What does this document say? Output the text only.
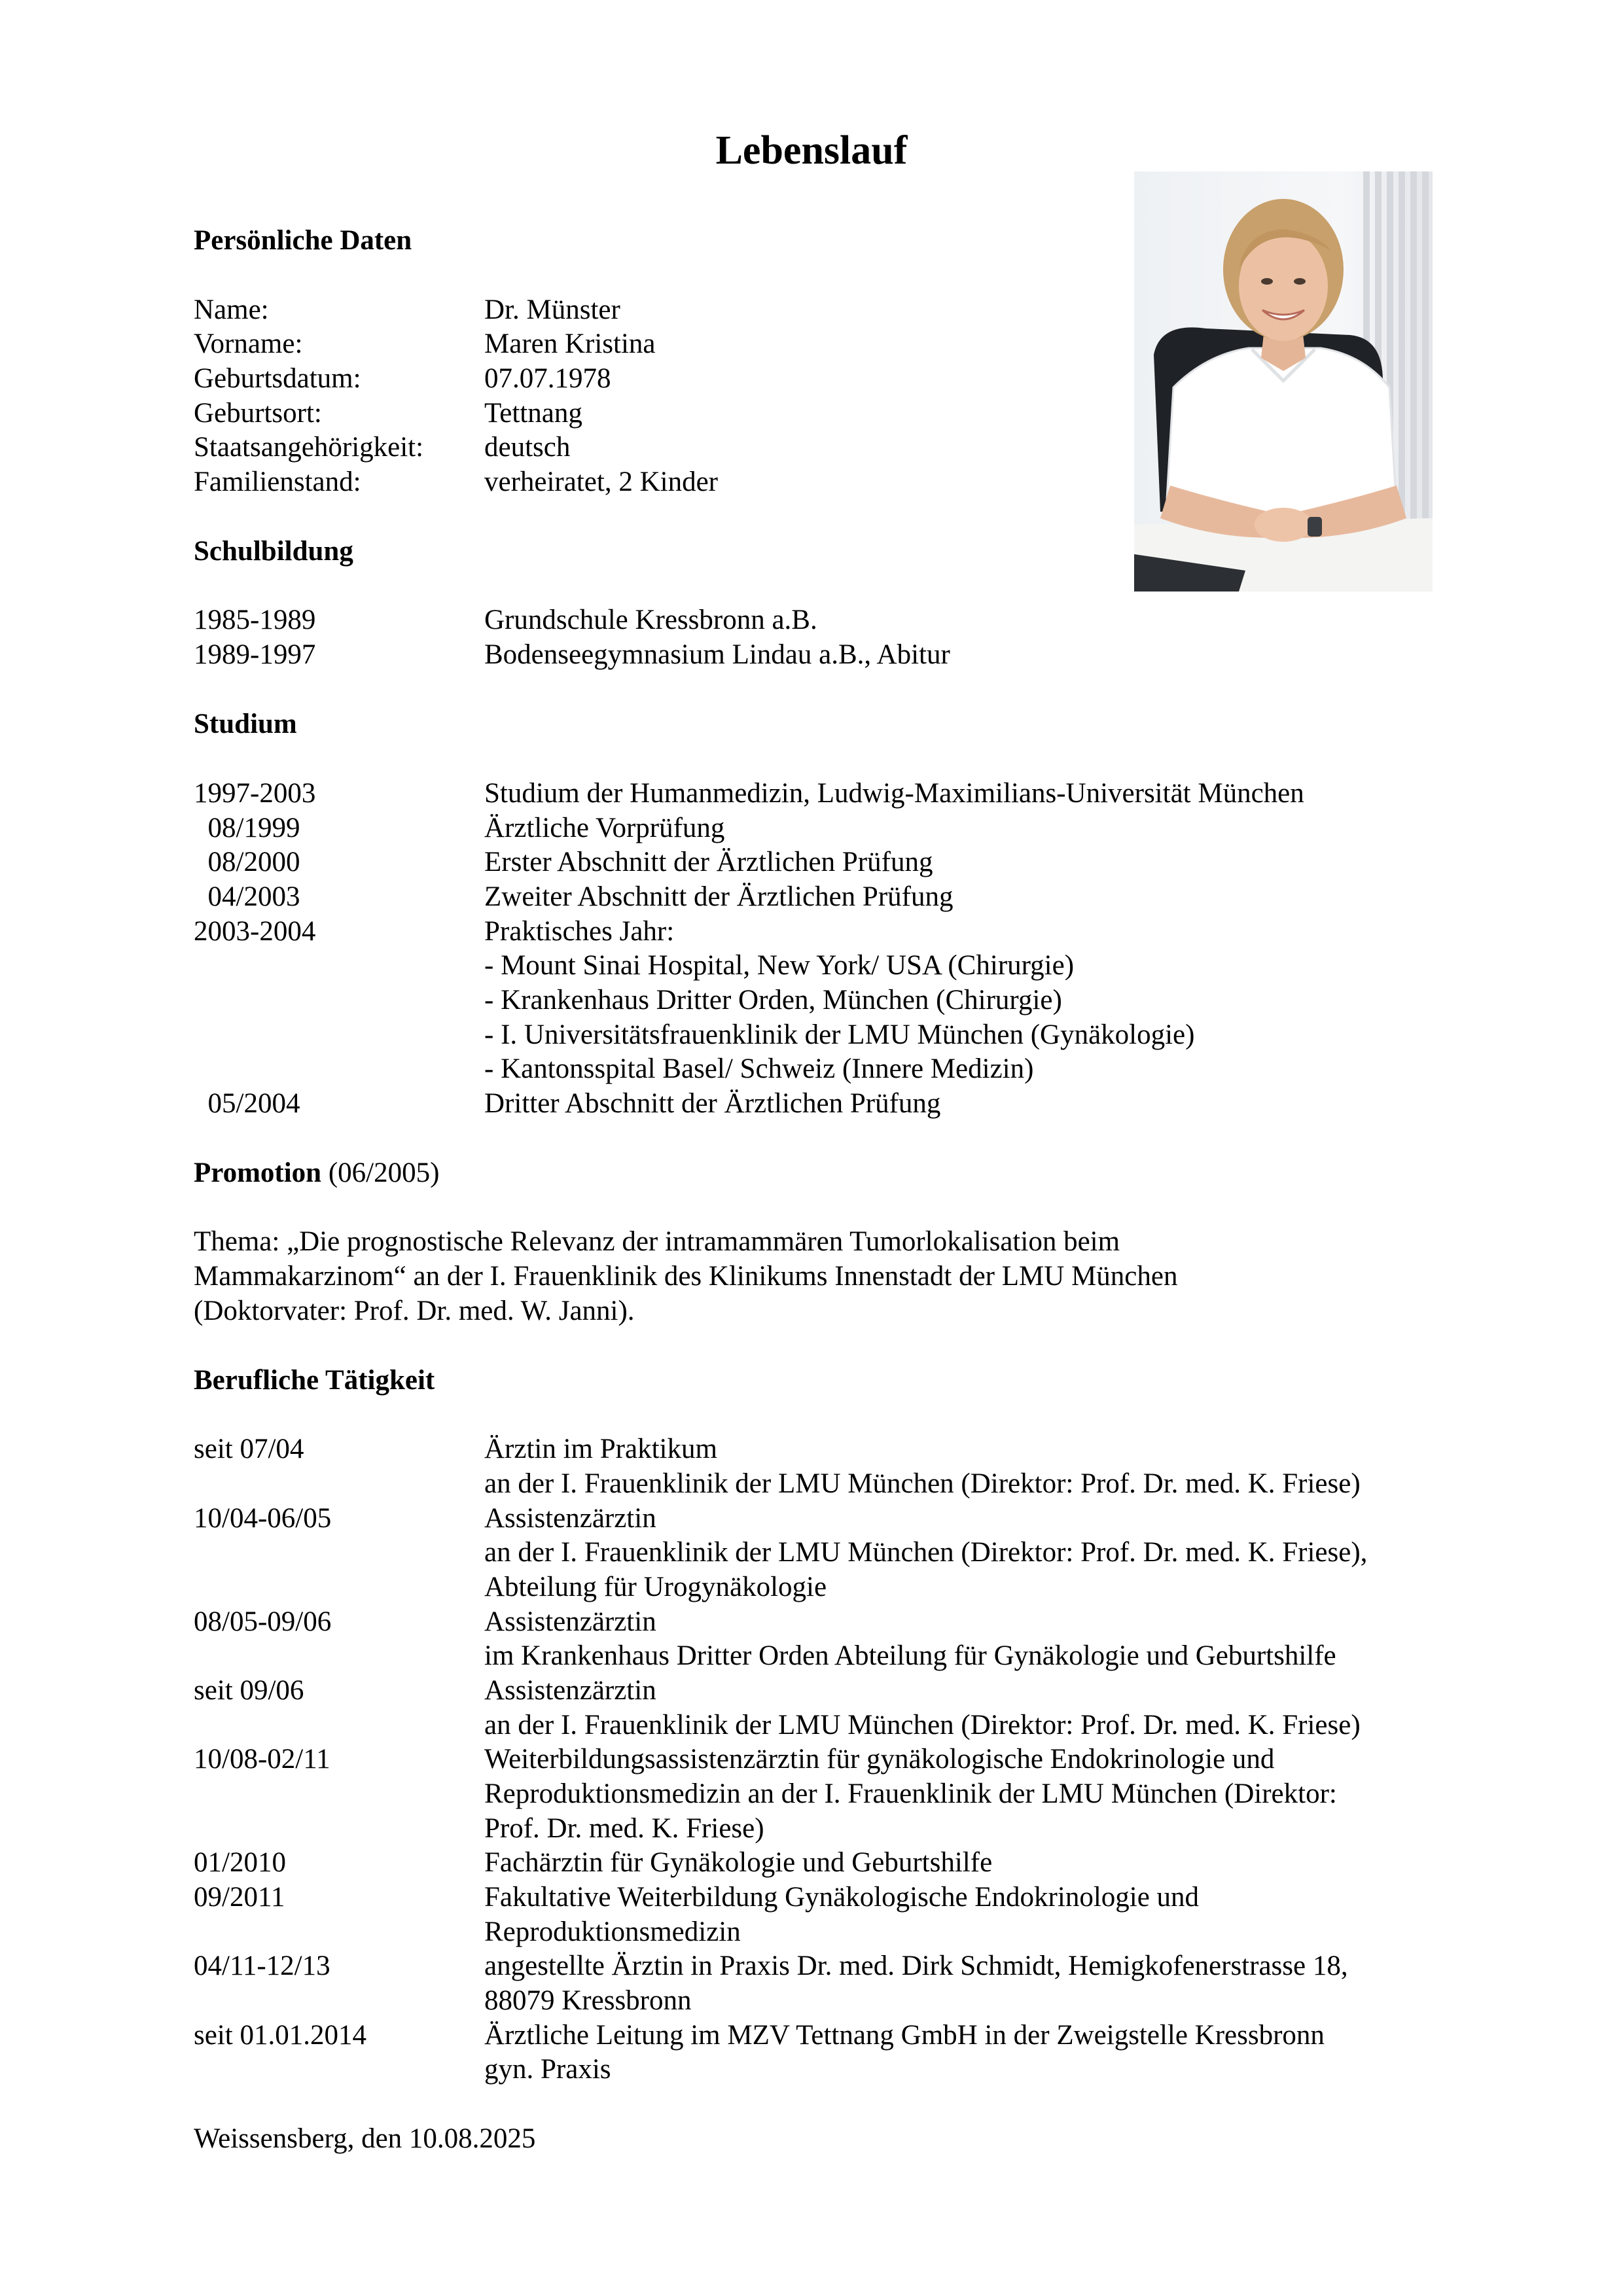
Lebenslauf
Persönliche Daten
Name:	Dr. Münster
Vorname:	Maren Kristina
Geburtsdatum:	07.07.1978
Geburtsort:	Tettnang
Staatsangehörigkeit: deutsch
Familienstand:	verheiratet, 2 Kinder
Schulbildung
1985-1989	Grundschule Kressbronn a.B.
1989-1997	Bodenseegymnasium Lindau a.B., Abitur
Studium
1997-2003	Studium der Humanmedizin, Ludwig-Maximilians-Universität München
08/1999	Ärztliche Vorprüfung
08/2000	Erster Abschnitt der Ärztlichen Prüfung
04/2003	Zweiter Abschnitt der Ärztlichen Prüfung
2003-2004	Praktisches Jahr:
- Mount Sinai Hospital, New York/ USA (Chirurgie)
- Krankenhaus Dritter Orden, München (Chirurgie)
- I. Universitätsfrauenklinik der LMU München (Gynäkologie)
- Kantonsspital Basel/ Schweiz (Innere Medizin)
05/2004	Dritter Abschnitt der Ärztlichen Prüfung
Promotion (06/2005)
Thema: „Die prognostische Relevanz der intramammären Tumorlokalisation beim
Mammakarzinom“ an der I. Frauenklinik des Klinikums Innenstadt der LMU München
(Doktorvater: Prof. Dr. med. W. Janni).
Berufliche Tätigkeit
seit 07/04	Ärztin im Praktikum
an der I. Frauenklinik der LMU München (Direktor: Prof. Dr. med. K. Friese)
10/04-06/05	Assistenzärztin
an der I. Frauenklinik der LMU München (Direktor: Prof. Dr. med. K. Friese),
Abteilung für Urogynäkologie
08/05-09/06	Assistenzärztin
im Krankenhaus Dritter Orden Abteilung für Gynäkologie und Geburtshilfe
seit 09/06	Assistenzärztin
an der I. Frauenklinik der LMU München (Direktor: Prof. Dr. med. K. Friese)
10/08-02/11	Weiterbildungsassistenzärztin für gynäkologische Endokrinologie und
Reproduktionsmedizin an der I. Frauenklinik der LMU München (Direktor:
Prof. Dr. med. K. Friese)
01/2010	Fachärztin für Gynäkologie und Geburtshilfe
09/2011	Fakultative Weiterbildung Gynäkologische Endokrinologie und
Reproduktionsmedizin
04/11-12/13	angestellte Ärztin in Praxis Dr. med. Dirk Schmidt, Hemigkofenerstrasse 18,
88079 Kressbronn
seit 01.01.2014	Ärztliche Leitung im MZV Tettnang GmbH in der Zweigstelle Kressbronn
gyn. Praxis
Weissensberg, den 10.08.2025
